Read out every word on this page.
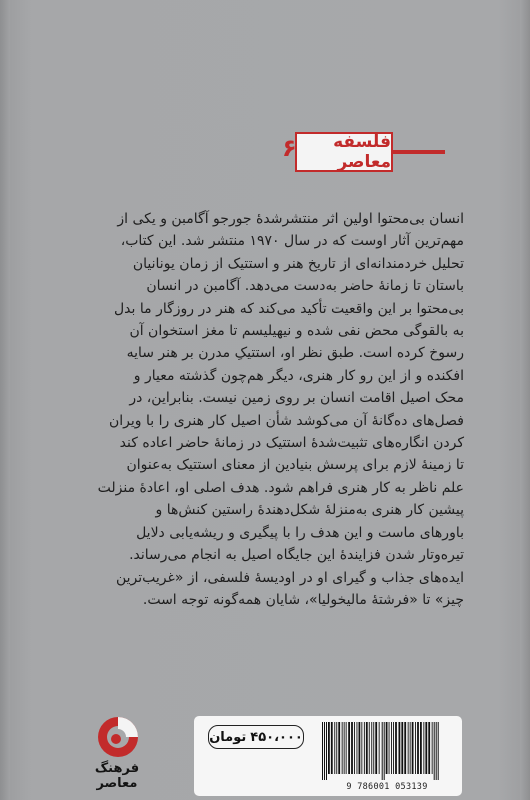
فلسفه معاصر
۶
انسان بی‌محتوا اولین اثر منتشرشدهٔ جورجو آگامبن و یکی از
مهم‌ترین آثار اوست که در سال ۱۹۷۰ منتشر شد. این کتاب،
تحلیل خردمندانه‌ای از تاریخ هنر و استتیک از زمان یونانیان
باستان تا زمانهٔ حاضر به‌دست می‌دهد. آگامبن در انسان
بی‌محتوا بر این واقعیت تأکید می‌کند که هنر در روزگار ما بدل
به بالقوگی محض نفی شده و نیهیلیسم تا مغز استخوان آن
رسوخ کرده است. طبق نظر او، استتیکِ مدرن بر هنر سایه
افکنده و از این رو کار هنری، دیگر هم‌چون گذشته معیار و
محک اصیل اقامت انسان بر روی زمین نیست. بنابراین، در
فصل‌های ده‌گانهٔ آن می‌کوشد شأن اصیل کار هنری را با ویران
کردن انگاره‌های تثبیت‌شدهٔ استتیک در زمانهٔ حاضر اعاده کند
تا زمینهٔ لازم برای پرسش بنیادین از معنای استتیک به‌عنوان
علم ناظر به کار هنری فراهم شود. هدف اصلی او، اعادهٔ منزلت
پیشین کار هنری به‌منزلهٔ شکل‌دهندهٔ راستین کنش‌ها و
باورهای ماست و این هدف را با پیگیری و ریشه‌یابی دلایل
تیره‌وتار شدن فزایندهٔ این جایگاه اصیل به انجام می‌رساند.
ایده‌های جذاب و گیرای او در اودیسهٔ فلسفی، از «غریب‌ترین
چیز» تا «فرشتهٔ مالیخولیا»، شایان همه‌گونه توجه است.
فرهنگ معاصر
۴۵۰،۰۰۰
تومان
9 786001 053139
